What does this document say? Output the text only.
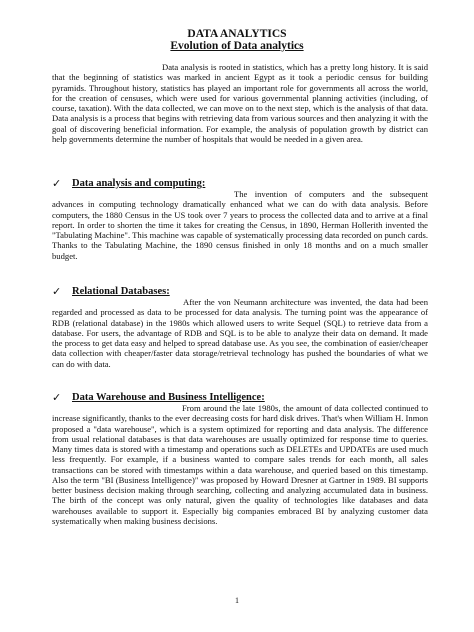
DATA ANALYTICS
Evolution of Data analytics

Data analysis is rooted in statistics, which has a pretty long history. It is said that the beginning of statistics was marked in ancient Egypt as it took a periodic census for building pyramids. Throughout history, statistics has played an important role for governments all across the world, for the creation of censuses, which were used for various governmental planning activities (including, of course, taxation). With the data collected, we can move on to the next step, which is the analysis of that data. Data analysis is a process that begins with retrieving data from various sources and then analyzing it with the goal of discovering beneficial information. For example, the analysis of population growth by district can help governments determine the number of hospitals that would be needed in a given area.

✓	Data analysis and computing:

The invention of computers and the subsequent advances in computing technology dramatically enhanced what we can do with data analysis. Before computers, the 1880 Census in the US took over 7 years to process the collected data and to arrive at a final report. In order to shorten the time it takes for creating the Census, in 1890, Herman Hollerith invented the "Tabulating Machine". This machine was capable of systematically processing data recorded on punch cards. Thanks to the Tabulating Machine, the 1890 census finished in only 18 months and on a much smaller budget.

✓	Relational Databases:

After the von Neumann architecture was invented, the data had been regarded and processed as data to be processed for data analysis. The turning point was the appearance of RDB (relational database) in the 1980s which allowed users to write Sequel (SQL) to retrieve data from a database. For users, the advantage of RDB and SQL is to be able to analyze their data on demand. It made the process to get data easy and helped to spread database use. As you see, the combination of easier/cheaper data collection with cheaper/faster data storage/retrieval technology has pushed the boundaries of what we can do with data.

✓	Data Warehouse and Business Intelligence:

From around the late 1980s, the amount of data collected continued to increase significantly, thanks to the ever decreasing costs for hard disk drives. That's when William H. Inmon proposed a "data warehouse", which is a system optimized for reporting and data analysis. The difference from usual relational databases is that data warehouses are usually optimized for response time to queries. Many times data is stored with a timestamp and operations such as DELETEs and UPDATEs are used much less frequently. For example, if a business wanted to compare sales trends for each month, all sales transactions can be stored with timestamps within a data warehouse, and queried based on this timestamp. Also the term "BI (Business Intelligence)" was proposed by Howard Dresner at Gartner in 1989. BI supports better business decision making through searching, collecting and analyzing accumulated data in business. The birth of the concept was only natural, given the quality of technologies like databases and data warehouses available to support it. Especially big companies embraced BI by analyzing customer data systematically when making business decisions.

1
